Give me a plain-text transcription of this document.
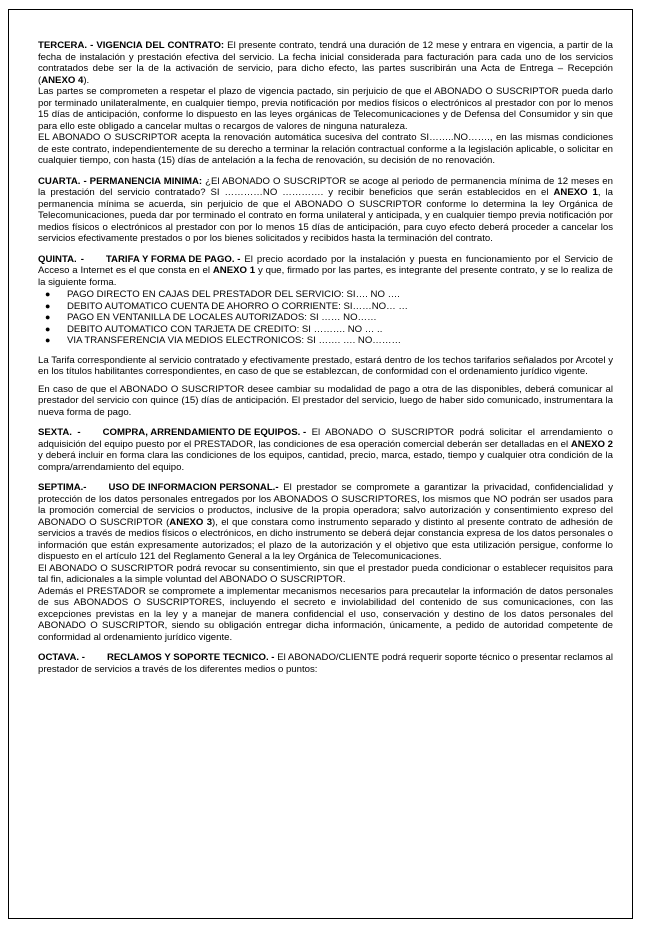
TERCERA. - VIGENCIA DEL CONTRATO: El presente contrato, tendrá una duración de 12 mese y entrara en vigencia, a partir de la fecha de instalación y prestación efectiva del servicio. La fecha inicial considerada para facturación para cada uno de los servicios contratados debe ser la de la activación de servicio, para dicho efecto, las partes suscribirán una Acta de Entrega – Recepción (ANEXO 4).

Las partes se comprometen a respetar el plazo de vigencia pactado, sin perjuicio de que el ABONADO O SUSCRIPTOR pueda darlo por terminado unilateralmente, en cualquier tiempo, previa notificación por medios físicos o electrónicos al prestador con por lo menos 15 días de anticipación, conforme lo dispuesto en las leyes orgánicas de Telecomunicaciones y de Defensa del Consumidor y sin que para ello este obligado a cancelar multas o recargos de valores de ninguna naturaleza.

EL ABONADO O SUSCRIPTOR acepta la renovación automática sucesiva del contrato SI……..NO……., en las mismas condiciones de este contrato, independientemente de su derecho a terminar la relación contractual conforme a la legislación aplicable, o solicitar en cualquier tiempo, con hasta (15) días de antelación a la fecha de renovación, su decisión de no renovación.

CUARTA. - PERMANENCIA MINIMA: ¿El ABONADO O SUSCRIPTOR se acoge al periodo de permanencia mínima de 12 meses en la prestación del servicio contratado? SI …………NO …………. y recibir beneficios que serán establecidos en el ANEXO 1, la permanencia mínima se acuerda, sin perjuicio de que el ABONADO O SUSCRIPTOR conforme lo determina la ley Orgánica de Telecomunicaciones, pueda dar por terminado el contrato en forma unilateral y anticipada, y en cualquier tiempo previa notificación por medios físicos o electrónicos al prestador con por lo menos 15 días de anticipación, para cuyo efecto deberá proceder a cancelar los servicios efectivamente prestados o por los bienes solicitados y recibidos hasta la terminación del contrato.

QUINTA. - TARIFA Y FORMA DE PAGO. - El precio acordado por la instalación y puesta en funcionamiento por el Servicio de Acceso a Internet es el que consta en el ANEXO 1 y que, firmado por las partes, es integrante del presente contrato, y se lo realiza de la siguiente forma.

● PAGO DIRECTO EN CAJAS DEL PRESTADOR DEL SERVICIO: SI…. NO ….
● DEBITO AUTOMATICO CUENTA DE AHORRO O CORRIENTE: SI……NO… …
● PAGO EN VENTANILLA DE LOCALES AUTORIZADOS: SI …… NO……
● DEBITO AUTOMATICO CON TARJETA DE CREDITO: SI ………. NO … ..
● VIA TRANSFERENCIA VIA MEDIOS ELECTRONICOS: SI ……. …. NO………

La Tarifa correspondiente al servicio contratado y efectivamente prestado, estará dentro de los techos tarifarios señalados por Arcotel y en los títulos habilitantes correspondientes, en caso de que se establezcan, de conformidad con el ordenamiento jurídico vigente.

En caso de que el ABONADO O SUSCRIPTOR desee cambiar su modalidad de pago a otra de las disponibles, deberá comunicar al prestador del servicio con quince (15) días de anticipación. El prestador del servicio, luego de haber sido comunicado, instrumentara la nueva forma de pago.

SEXTA. - COMPRA, ARRENDAMIENTO DE EQUIPOS. - El ABONADO O SUSCRIPTOR podrá solicitar el arrendamiento o adquisición del equipo puesto por el PRESTADOR, las condiciones de esa operación comercial deberán ser detalladas en el ANEXO 2 y deberá incluir en forma clara las condiciones de los equipos, cantidad, precio, marca, estado, tiempo y cualquier otra condición de la compra/arrendamiento del equipo.

SEPTIMA.- USO DE INFORMACION PERSONAL.- El prestador se compromete a garantizar la privacidad, confidencialidad y protección de los datos personales entregados por los ABONADOS O SUSCRIPTORES, los mismos que NO podrán ser usados para la promoción comercial de servicios o productos, inclusive de la propia operadora; salvo autorización y consentimiento expreso del ABONADO O SUSCRIPTOR (ANEXO 3), el que constara como instrumento separado y distinto al presente contrato de adhesión de servicios a través de medios físicos o electrónicos, en dicho instrumento se deberá dejar constancia expresa de los datos personales o información que están expresamente autorizados; el plazo de la autorización y el objetivo que esta utilización persigue, conforme lo dispuesto en el artículo 121 del Reglamento General a la ley Orgánica de Telecomunicaciones.

El ABONADO O SUSCRIPTOR podrá revocar su consentimiento, sin que el prestador pueda condicionar o establecer requisitos para tal fin, adicionales a la simple voluntad del ABONADO O SUSCRIPTOR.

Además el PRESTADOR se compromete a implementar mecanismos necesarios para precautelar la información de datos personales de sus ABONADOS O SUSCRIPTORES, incluyendo el secreto e inviolabilidad del contenido de sus comunicaciones, con las excepciones previstas en la ley y a manejar de manera confidencial el uso, conservación y destino de los datos personales del ABONADO O SUSCRIPTOR, siendo su obligación entregar dicha información, únicamente, a pedido de autoridad competente de conformidad al ordenamiento jurídico vigente.

OCTAVA. - RECLAMOS Y SOPORTE TECNICO. - El ABONADO/CLIENTE podrá requerir soporte técnico o presentar reclamos al prestador de servicios a través de los diferentes medios o puntos:
